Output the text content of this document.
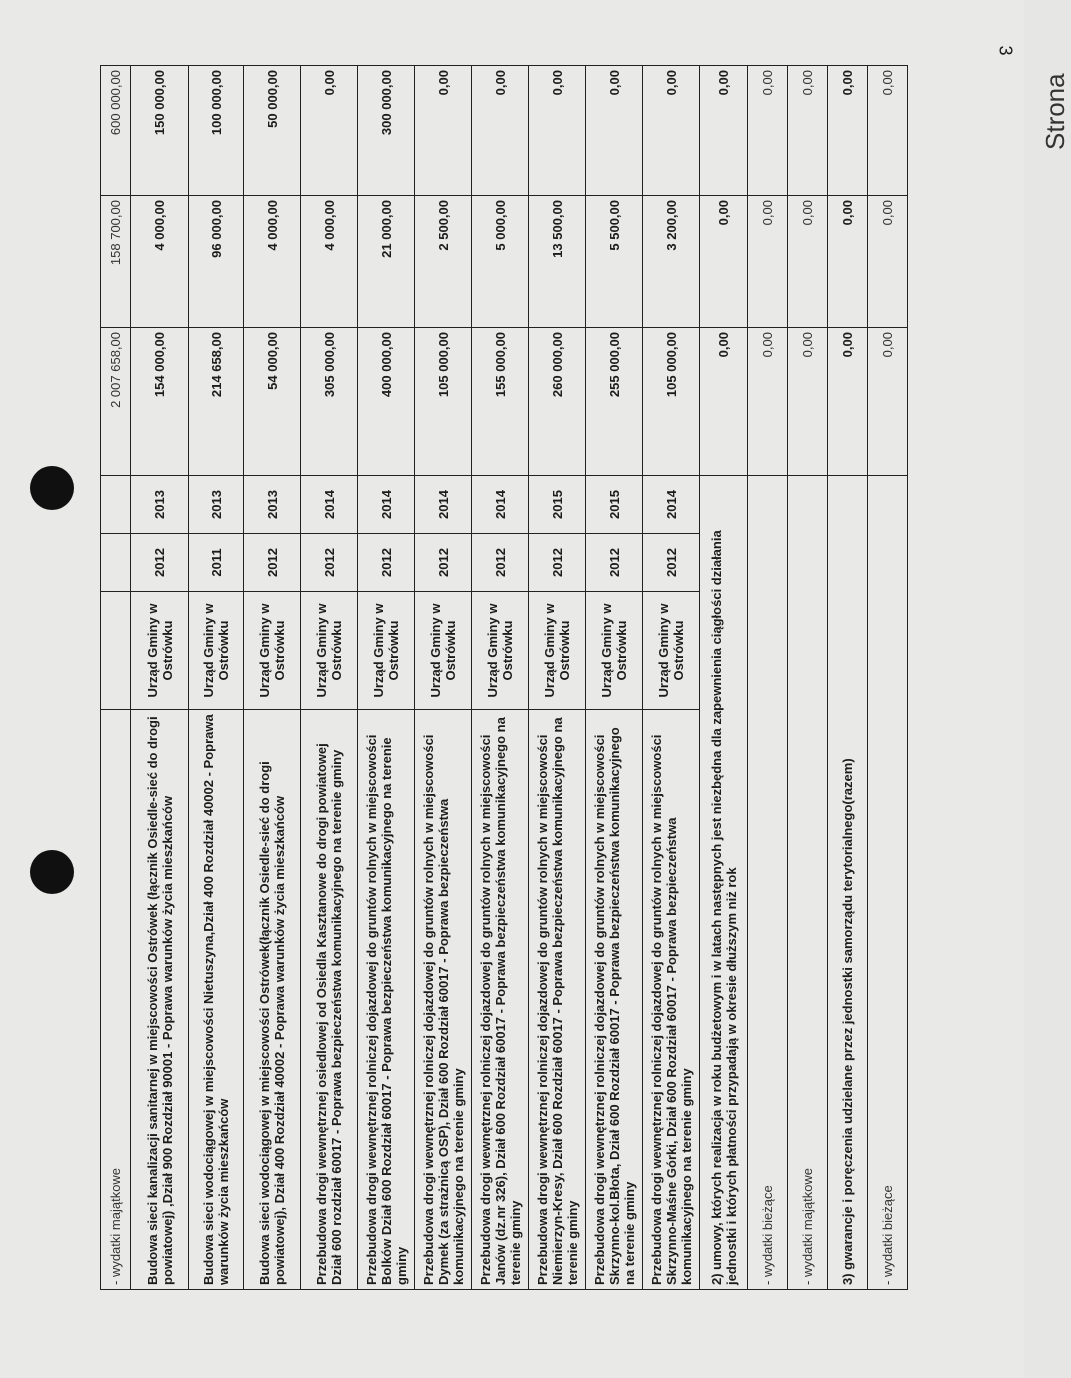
3
Strona
- wydatki majątkowe				2 007 658,00	158 700,00	600 000,00
Budowa sieci kanalizacji sanitarnej w miejscowości Ostrówek (łącznik Osiedle-sieć do drogi powiatowej) ,Dział 900 Rozdział 90001 - Poprawa warunków życia mieszkańców	Urząd Gminy w Ostrówku	2012	2013	154 000,00	4 000,00	150 000,00
Budowa sieci wodociągowej w miejscowości Nietuszyna,Dział 400 Rozdział 40002 - Poprawa warunków życia mieszkańców	Urząd Gminy w Ostrówku	2011	2013	214 658,00	96 000,00	100 000,00
Budowa sieci wodociągowej w miejscowości Ostrówek(łącznik Osiedle-sieć do drogi powiatowej), Dział 400 Rozdział 40002 - Poprawa warunków życia mieszkańców	Urząd Gminy w Ostrówku	2012	2013	54 000,00	4 000,00	50 000,00
Przebudowa drogi wewnętrznej osiedlowej od Osiedla Kasztanowe do drogi powiatowej Dział 600 rozdział 60017 - Poprawa bezpieczeństwa komunikacyjnego na terenie gminy	Urząd Gminy w Ostrówku	2012	2014	305 000,00	4 000,00	0,00
Przebudowa drogi wewnętrznej rolniczej dojazdowej do gruntów rolnych w miejscowości Bolków Dział 600 Rozdział 60017 - Poprawa bezpieczeństwa komunikacyjnego na terenie gminy	Urząd Gminy w Ostrówku	2012	2014	400 000,00	21 000,00	300 000,00
Przebudowa drogi wewnętrznej rolniczej dojazdowej do gruntów rolnych w miejscowości Dymek (za strażnicą OSP), Dział 600 Rozdział 60017 - Poprawa bezpieczeństwa komunikacyjnego na terenie gminy	Urząd Gminy w Ostrówku	2012	2014	105 000,00	2 500,00	0,00
Przebudowa drogi wewnętrznej rolniczej dojazdowej do gruntów rolnych w miejscowości Janów (dz.nr 326), Dział 600 Rozdział 60017 - Poprawa bezpieczeństwa komunikacyjnego na terenie gminy	Urząd Gminy w Ostrówku	2012	2014	155 000,00	5 000,00	0,00
Przebudowa drogi wewnętrznej rolniczej dojazdowej do gruntów rolnych w miejscowości Niemierzyn-Kresy, Dział 600 Rozdział 60017 - Poprawa bezpieczeństwa komunikacyjnego na terenie gminy	Urząd Gminy w Ostrówku	2012	2015	260 000,00	13 500,00	0,00
Przebudowa drogi wewnętrznej rolniczej dojazdowej do gruntów rolnych w miejscowości Skrzynno-kol.Błota, Dział 600 Rozdział 60017 - Poprawa bezpieczeństwa komunikacyjnego na terenie gminy	Urząd Gminy w Ostrówku	2012	2015	255 000,00	5 500,00	0,00
Przebudowa drogi wewnętrznej rolniczej dojazdowej do gruntów rolnych w miejscowości Skrzynno-Maśne Górki, Dział 600 Rozdział 60017 - Poprawa bezpieczeństwa komunikacyjnego na terenie gminy	Urząd Gminy w Ostrówku	2012	2014	105 000,00	3 200,00	0,00
2) umowy, których realizacja w roku budżetowym i w latach następnych jest niezbędna dla zapewnienia ciągłości działania jednostki i których płatności przypadają w okresie dłuższym niż rok				0,00	0,00	0,00
- wydatki bieżące				0,00	0,00	0,00
- wydatki majątkowe				0,00	0,00	0,00
3) gwarancje i poręczenia udzielane przez jednostki samorządu terytorialnego(razem)				0,00	0,00	0,00
- wydatki bieżące				0,00	0,00	0,00
